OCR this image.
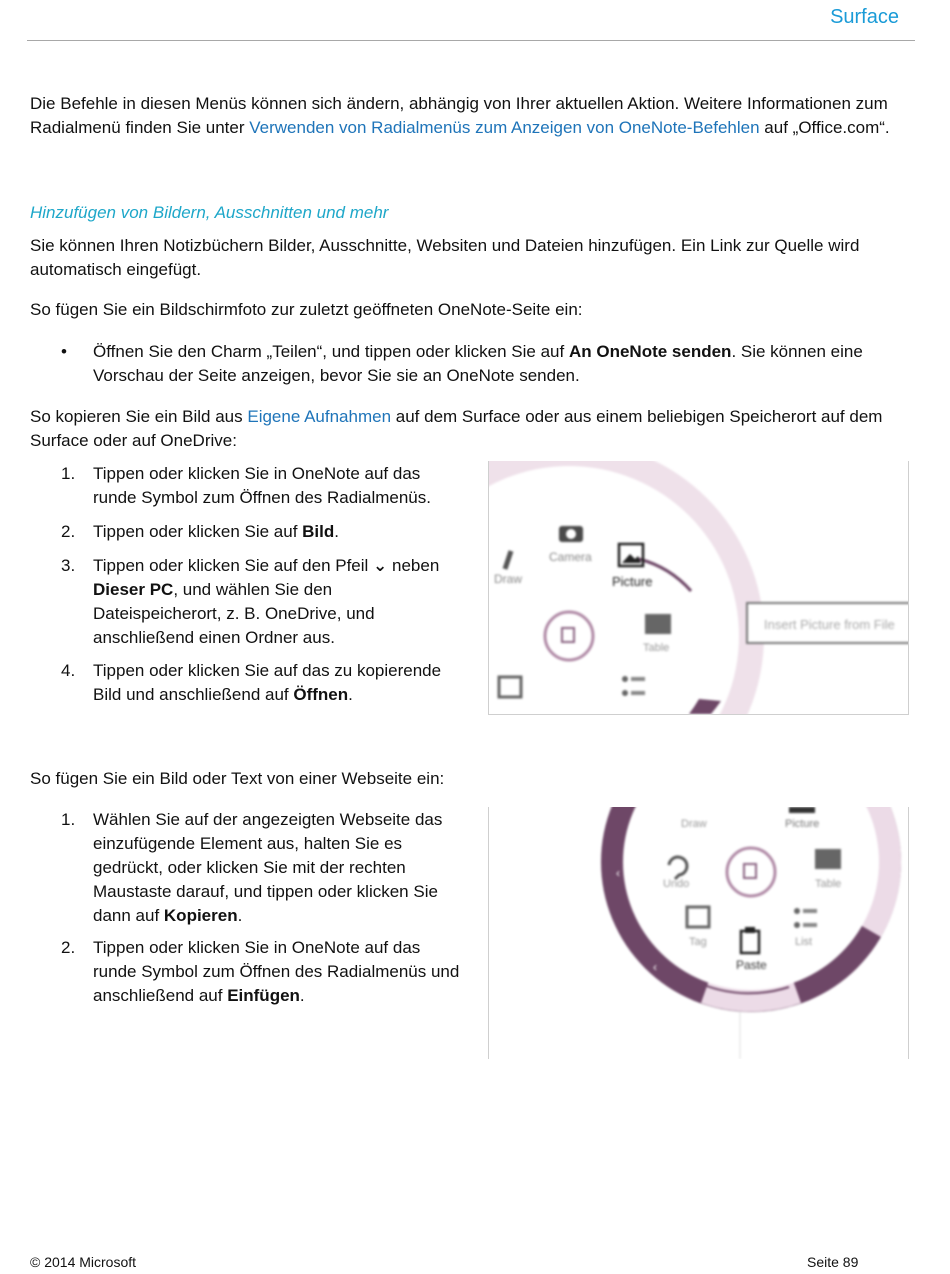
Surface

Die Befehle in diesen Menüs können sich ändern, abhängig von Ihrer aktuellen Aktion. Weitere Informationen zum Radialmenü finden Sie unter Verwenden von Radialmenüs zum Anzeigen von OneNote-Befehlen auf „Office.com“.

Hinzufügen von Bildern, Ausschnitten und mehr

Sie können Ihren Notizbüchern Bilder, Ausschnitte, Websiten und Dateien hinzufügen. Ein Link zur Quelle wird automatisch eingefügt.

So fügen Sie ein Bildschirmfoto zur zuletzt geöffneten OneNote-Seite ein:

• Öffnen Sie den Charm „Teilen“, und tippen oder klicken Sie auf An OneNote senden. Sie können eine Vorschau der Seite anzeigen, bevor Sie sie an OneNote senden.

So kopieren Sie ein Bild aus Eigene Aufnahmen auf dem Surface oder aus einem beliebigen Speicherort auf dem Surface oder auf OneDrive:

1. Tippen oder klicken Sie in OneNote auf das runde Symbol zum Öffnen des Radialmenüs.
2. Tippen oder klicken Sie auf Bild.
3. Tippen oder klicken Sie auf den Pfeil ⌄ neben Dieser PC, und wählen Sie den Dateispeicherort, z. B. OneDrive, und anschließend einen Ordner aus.
4. Tippen oder klicken Sie auf das zu kopierende Bild und anschließend auf Öffnen.
Draw
Camera
Picture
Table
Insert Picture from File

So fügen Sie ein Bild oder Text von einer Webseite ein:

1. Wählen Sie auf der angezeigten Webseite das einzufügende Element aus, halten Sie es gedrückt, oder klicken Sie mit der rechten Maustaste darauf, und tippen oder klicken Sie dann auf Kopieren.
2. Tippen oder klicken Sie in OneNote auf das runde Symbol zum Öffnen des Radialmenüs und anschließend auf Einfügen.
Draw	Picture
Undo	Table
Tag	List
Paste
‹
‹
© 2014 Microsoft	Seite 89
